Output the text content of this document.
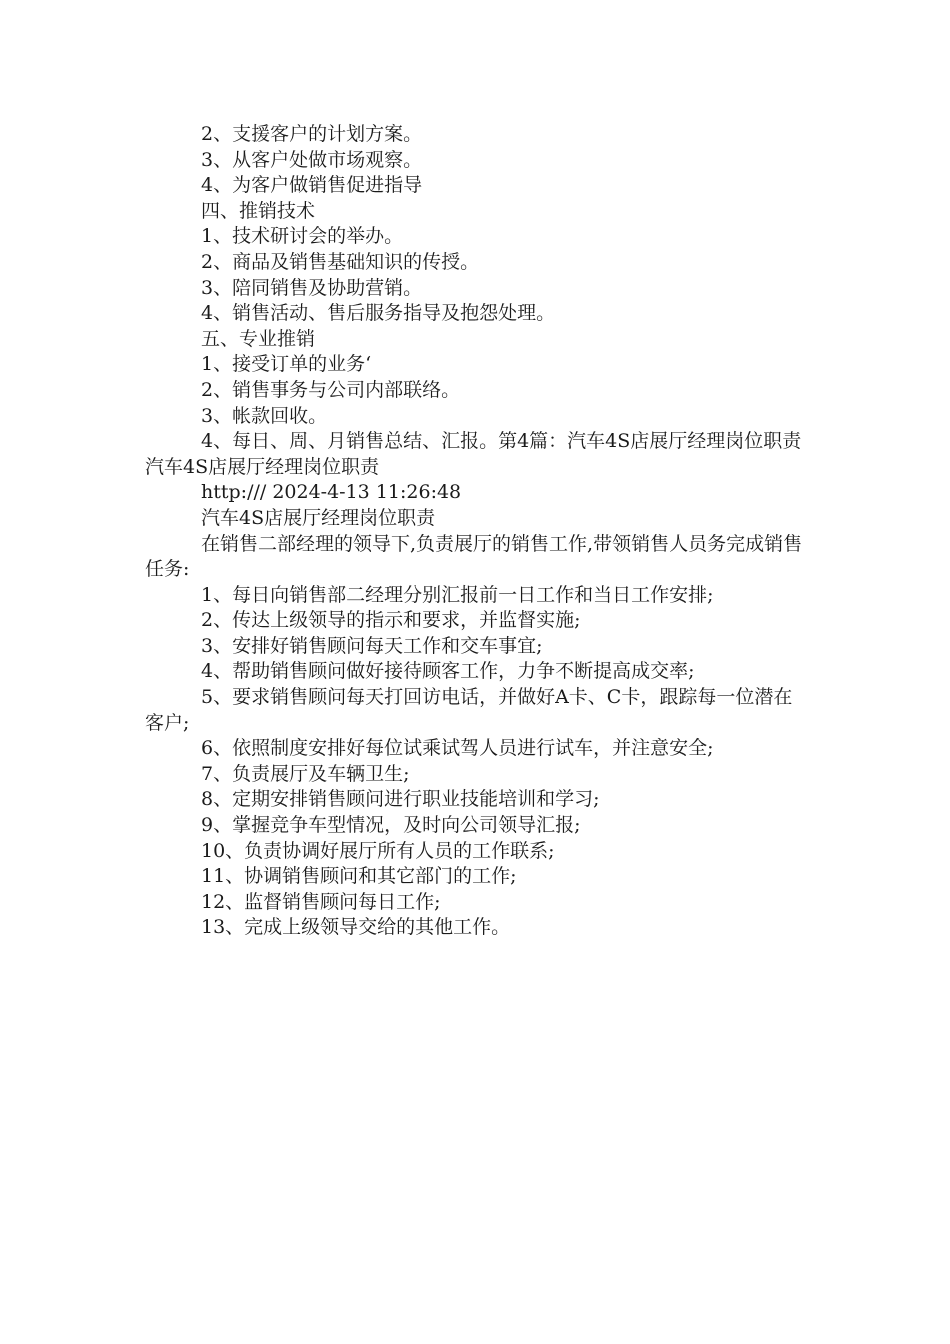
2、支援客户的计划方案。

3、从客户处做市场观察。

4、为客户做销售促进指导

四、推销技术

1、技术研讨会的举办。

2、商品及销售基础知识的传授。

3、陪同销售及协助营销。

4、销售活动、售后服务指导及抱怨处理。

五、专业推销

1、接受订单的业务‘

2、销售事务与公司内部联络。

3、帐款回收。

4、每日、周、月销售总结、汇报。第4篇：汽车4S店展厅经理岗位职责汽车4S店展厅经理岗位职责

http:/// 2024-4-13 11:26:48

汽车4S店展厅经理岗位职责

在销售二部经理的领导下,负责展厅的销售工作,带领销售人员务完成销售任务:

1、每日向销售部二经理分别汇报前一日工作和当日工作安排;

2、传达上级领导的指示和要求，并监督实施;

3、安排好销售顾问每天工作和交车事宜;

4、帮助销售顾问做好接待顾客工作，力争不断提高成交率;

5、要求销售顾问每天打回访电话，并做好A卡、C卡，跟踪每一位潜在客户;

6、依照制度安排好每位试乘试驾人员进行试车，并注意安全;

7、负责展厅及车辆卫生;

8、定期安排销售顾问进行职业技能培训和学习;

9、掌握竞争车型情况，及时向公司领导汇报;

10、负责协调好展厅所有人员的工作联系;

11、协调销售顾问和其它部门的工作;

12、监督销售顾问每日工作;

13、完成上级领导交给的其他工作。
